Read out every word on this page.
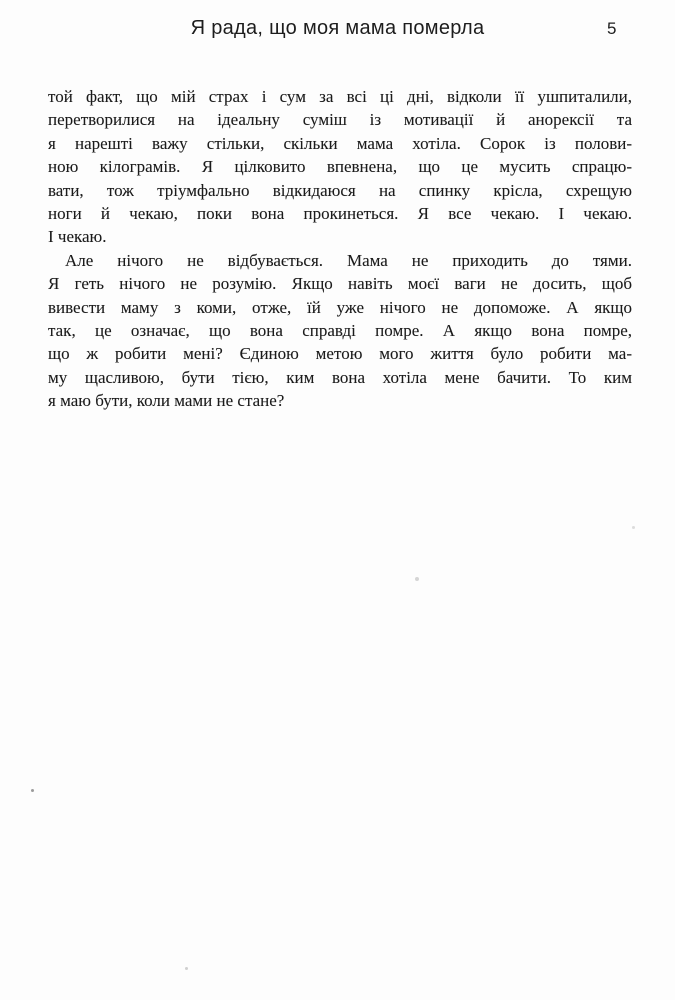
Я рада, що моя мама померла	5
той факт, що мій страх і сум за всі ці дні, відколи її ушпиталили,
перетворилися на ідеальну суміш із мотивації й анорексії та
я нарешті важу стільки, скільки мама хотіла. Сорок із полови-
ною кілограмів. Я цілковито впевнена, що це мусить спрацю-
вати, тож тріумфально відкидаюся на спинку крісла, схрещую
ноги й чекаю, поки вона прокинеться. Я все чекаю. І чекаю.
І чекаю.
Але нічого не відбувається. Мама не приходить до тями.
Я геть нічого не розумію. Якщо навіть моєї ваги не досить, щоб
вивести маму з коми, отже, їй уже нічого не допоможе. А якщо
так, це означає, що вона справді помре. А якщо вона помре,
що ж робити мені? Єдиною метою мого життя було робити ма-
му щасливою, бути тією, ким вона хотіла мене бачити. То ким
я маю бути, коли мами не стане?
